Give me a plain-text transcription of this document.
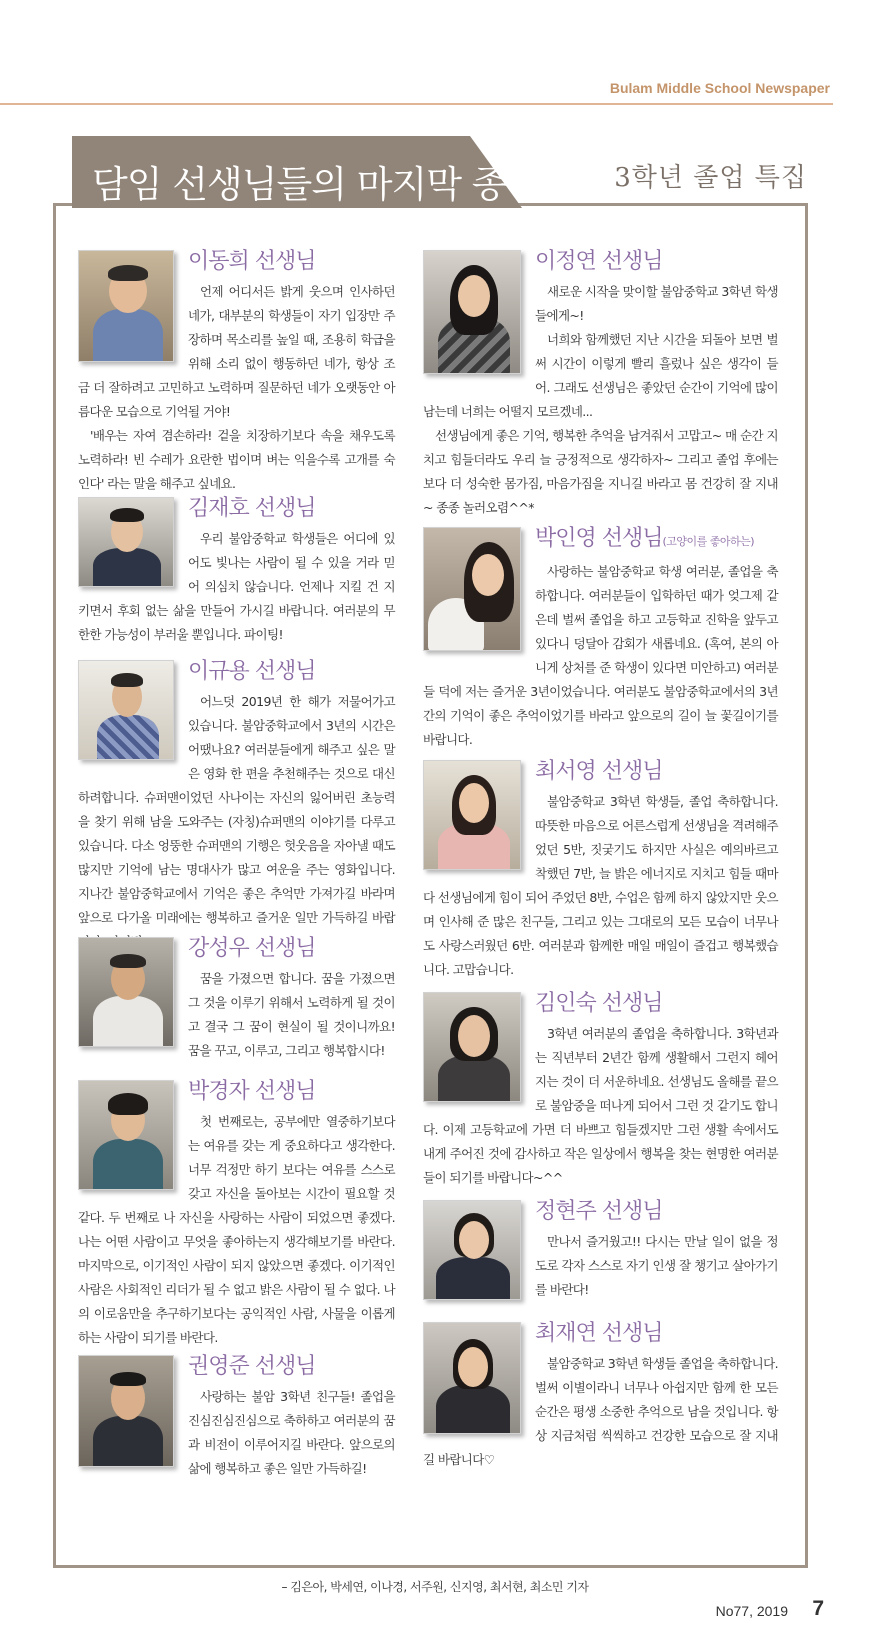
Bulam Middle School Newspaper
담임 선생님들의 마지막 종례	3학년 졸업 특집
이동희 선생님

언제 어디서든 밝게 웃으며 인사하던 네가, 대부분의 학생들이 자기 입장만 주장하며 목소리를 높일 때, 조용히 학급을 위해 소리 없이 행동하던 네가, 항상 조금 더 잘하려고 고민하고 노력하며 질문하던 네가 오랫동안 아름다운 모습으로 기억될 거야!

'배우는 자여 겸손하라! 겉을 치장하기보다 속을 채우도록 노력하라! 빈 수레가 요란한 법이며 벼는 익을수록 고개를 숙인다' 라는 말을 해주고 싶네요.

김재호 선생님

우리 불암중학교 학생들은 어디에 있어도 빛나는 사람이 될 수 있을 거라 믿어 의심치 않습니다. 언제나 지킬 건 지키면서 후회 없는 삶을 만들어 가시길 바랍니다. 여러분의 무한한 가능성이 부러울 뿐입니다. 파이팅!

이규용 선생님

어느덧 2019년 한 해가 저물어가고 있습니다. 불암중학교에서 3년의 시간은 어땠나요? 여러분들에게 해주고 싶은 말은 영화 한 편을 추천해주는 것으로 대신하려합니다. 슈퍼맨이었던 사나이는 자신의 잃어버린 초능력을 찾기 위해 남을 도와주는 (자칭)슈퍼맨의 이야기를 다루고 있습니다. 다소 엉뚱한 슈퍼맨의 기행은 헛웃음을 자아낼 때도 많지만 기억에 남는 명대사가 많고 여운을 주는 영화입니다. 지나간 불암중학교에서 기억은 좋은 추억만 가져가길 바라며 앞으로 다가올 미래에는 행복하고 즐거운 일만 가득하길 바랍

강성우 선생님

꿈을 가졌으면 합니다. 꿈을 가졌으면 그 것을 이루기 위해서 노력하게 될 것이고 결국 그 꿈이 현실이 될 것이니까요! 꿈을 꾸고, 이루고, 그리고 행복합시다!

박경자 선생님

첫 번째로는, 공부에만 열중하기보다는 여유를 갖는 게 중요하다고 생각한다. 너무 걱정만 하기 보다는 여유를 스스로 갖고 자신을 돌아보는 시간이 필요할 것 같다. 두 번째로 나 자신을 사랑하는 사람이 되었으면 좋겠다. 나는 어떤 사람이고 무엇을 좋아하는지 생각해보기를 바란다. 마지막으로, 이기적인 사람이 되지 않았으면 좋겠다. 이기적인 사람은 사회적인 리더가 될 수 없고 밝은 사람이 될 수 없다. 나의 이로움만을 추구하기보다는 공익적인 사람, 사물을 이롭게 하는 사람이 되기를 바란다.

권영준 선생님

사랑하는 불암 3학년 친구들! 졸업을 진심진심진심으로 축하하고 여러분의 꿈과 비전이 이루어지길 바란다. 앞으로의 삶에 행복하고 좋은 일만 가득하길!

이정연 선생님

새로운 시작을 맞이할 불암중학교 3학년 학생들에게~!

너희와 함께했던 지난 시간을 되돌아 보면 벌써 시간이 이렇게 빨리 흘렀나 싶은 생각이 들어. 그래도 선생님은 좋았던 순간이 기억에 많이 남는데 너희는 어떨지 모르겠네...

선생님에게 좋은 기억, 행복한 추억을 남겨줘서 고맙고~ 매 순간 지치고 힘들더라도 우리 늘 긍정적으로 생각하자~ 그리고 졸업 후에는 보다 더 성숙한 몸가짐, 마음가짐을 지니길 바라고 몸 건강히 잘 지내~ 종종 놀러오렴^^*

박인영 선생님(고양이를 좋아하는)

사랑하는 불암중학교 학생 여러분, 졸업을 축하합니다. 여러분들이 입학하던 때가 엊그제 같은데 벌써 졸업을 하고 고등학교 진학을 앞두고 있다니 덩달아 감회가 새롭네요. (혹여, 본의 아니게 상처를 준 학생이 있다면 미안하고) 여러분들 덕에 저는 즐거운 3년이었습니다. 여러분도 불암중학교에서의 3년간의 기억이 좋은 추억이었기를 바라고 앞으로의 길이 늘 꽃길이기를 바랍니다.

최서영 선생님

불암중학교 3학년 학생들, 졸업 축하합니다. 따뜻한 마음으로 어른스럽게 선생님을 격려해주었던 5반, 짓궂기도 하지만 사실은 예의바르고 착했던 7반, 늘 밝은 에너지로 지치고 힘들 때마다 선생님에게 힘이 되어 주었던 8반, 수업은 함께 하지 않았지만 웃으며 인사해 준 많은 친구들, 그리고 있는 그대로의 모든 모습이 너무나도 사랑스러웠던 6반. 여러분과 함께한 매일 매일이 즐겁고 행복했습니다. 고맙습니다.

김인숙 선생님

3학년 여러분의 졸업을 축하합니다. 3학년과는 직년부터 2년간 함께 생활해서 그런지 헤어지는 것이 더 서운하네요. 선생님도 올해를 끝으로 불암중을 떠나게 되어서 그런 것 같기도 합니다. 이제 고등학교에 가면 더 바쁘고 힘들겠지만 그런 생활 속에서도 내게 주어진 것에 감사하고 작은 일상에서 행복을 찾는 현명한 여러분들이 되기를 바랍니다~^^

정현주 선생님

만나서 즐거웠고!! 다시는 만날 일이 없을 정도로 각자 스스로 자기 인생 잘 챙기고 살아가기를 바란다!

최재연 선생님

불암중학교 3학년 학생들 졸업을 축하합니다. 벌써 이별이라니 너무나 아쉽지만 함께 한 모든 순간은 평생 소중한 추억으로 남을 것입니다. 항상 지금처럼 씩씩하고 건강한 모습으로 잘 지내길 바랍니다♡

– 김은아, 박세연, 이나경, 서주원, 신지영, 최서현, 최소민 기자
No77, 2019 7
